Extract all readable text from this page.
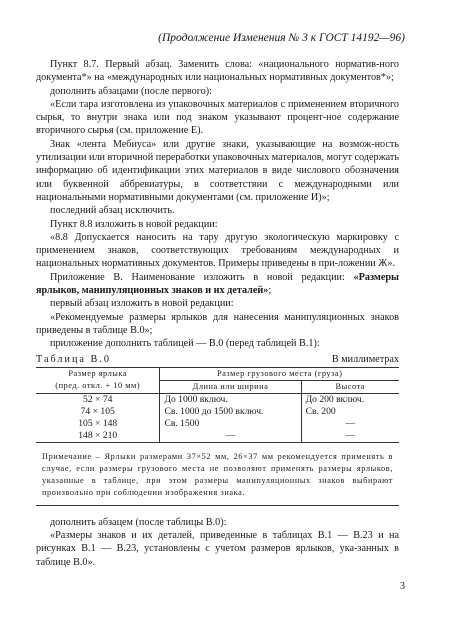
(Продолжение Изменения № 3 к ГОСТ 14192—96)

Пункт 8.7. Первый абзац. Заменить слова: «национального норматив-ного документа*» на «международных или национальных нормативных документов*»;

дополнить абзацами (после первого):

«Если тара изготовлена из упаковочных материалов с применением вторичного сырья, то внутри знака или под знаком указывают процент-ное содержание вторичного сырья (см. приложение Е).

Знак «лента Мебиуса» или другие знаки, указывающие на возмож-ность утилизации или вторичной переработки упаковочных материалов, могут содержать информацию об идентификации этих материалов в виде числового обозначения или буквенной аббревиатуры, в соответствии с международными или национальными нормативными документами (см. приложение И)»;

последний абзац исключить.

Пункт 8.8 изложить в новой редакции:

«8.8 Допускается наносить на тару другую экологическую маркировку с применением знаков, соответствующих требованиям международных и национальных нормативных документов. Примеры приведены в при-ложении Ж».

Приложение В. Наименование изложить в новой редакции: «Размеры ярлыков, манипуляционных знаков и их деталей»;

первый абзац изложить в новой редакции:

«Рекомендуемые размеры ярлыков для нанесения манипуляционных знаков приведены в таблице В.0»;

приложение дополнить таблицей — В.0 (перед таблицей В.1):

Таблица В.0	В миллиметрах
Размер ярлыка
(пред. откл. + 10 мм)	Размер грузового места (груза)	
	Длина или ширина	Высота
52 × 74	До 1000 включ.	До 200 включ.
74 × 105	Св. 1000 до 1500 включ.	Св. 200
105 × 148	Св. 1500	—
148 × 210	—	—
Примечание – Ярлыки размерами 37×52 мм, 26×37 мм рекомендуется применять в случае, если размеры грузового места не позволяют применять размеры ярлыков, указанные в таблице, при этом размеры манипуляционных знаков выбирают произвольно при соблюдении изображения знака.		

дополнить абзацем (после таблицы В.0):

«Размеры знаков и их деталей, приведенные в таблицах В.1 — В.23 и на рисунках В.1 — В.23, установлены с учетом размеров ярлыков, ука-занных в таблице В.0».

3
